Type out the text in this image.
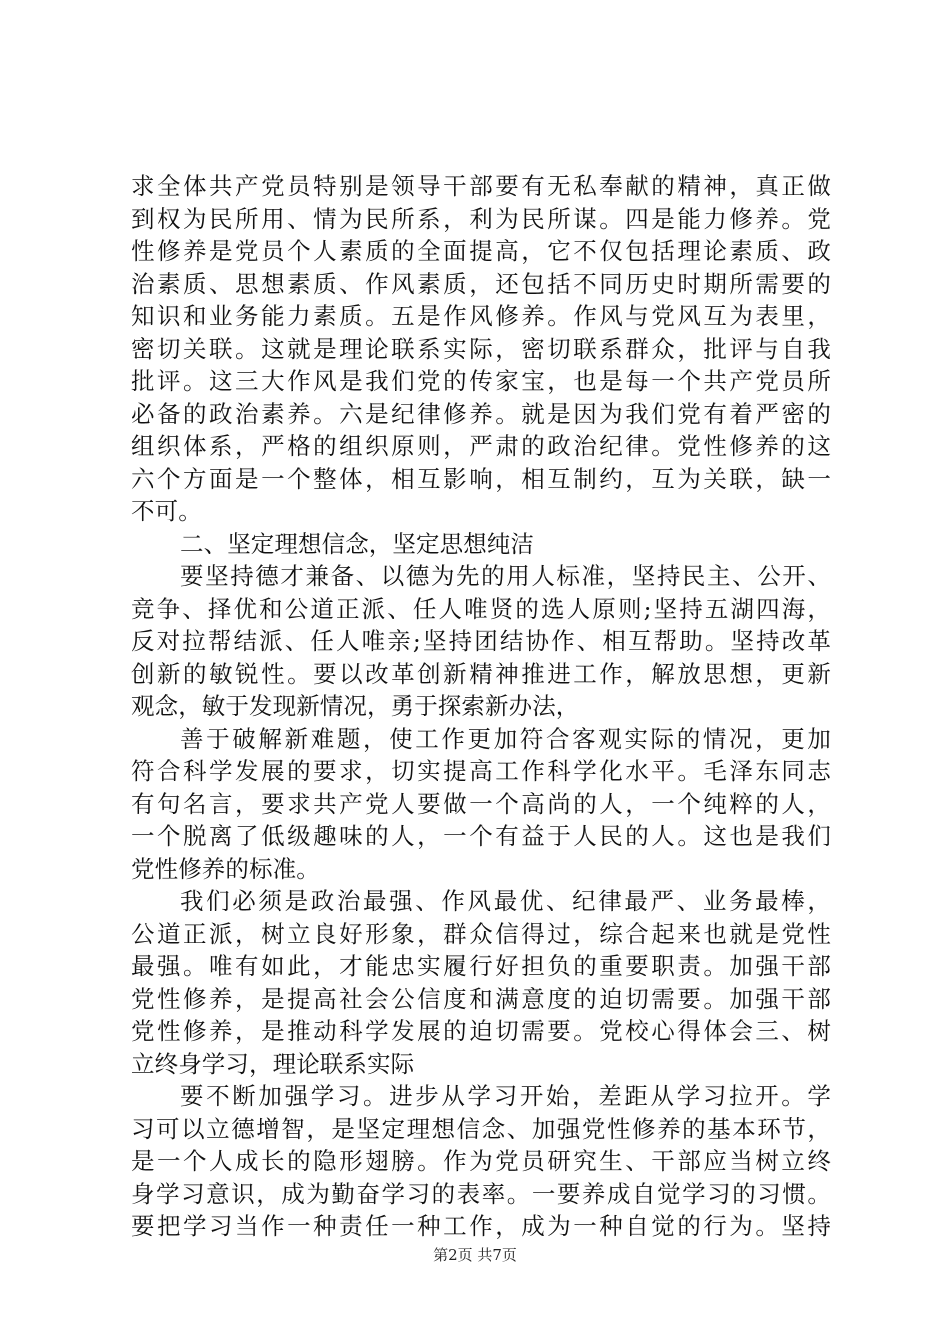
求全体共产党员特别是领导干部要有无私奉献的精神，真正做
到权为民所用、情为民所系，利为民所谋。四是能力修养。党
性修养是党员个人素质的全面提高，它不仅包括理论素质、政
治素质、思想素质、作风素质，还包括不同历史时期所需要的
知识和业务能力素质。五是作风修养。作风与党风互为表里，
密切关联。这就是理论联系实际，密切联系群众，批评与自我
批评。这三大作风是我们党的传家宝，也是每一个共产党员所
必备的政治素养。六是纪律修养。就是因为我们党有着严密的
组织体系，严格的组织原则，严肃的政治纪律。党性修养的这
六个方面是一个整体，相互影响，相互制约，互为关联，缺一
不可。
二、坚定理想信念，坚定思想纯洁
要坚持德才兼备、以德为先的用人标准，坚持民主、公开、
竞争、择优和公道正派、任人唯贤的选人原则;坚持五湖四海，
反对拉帮结派、任人唯亲;坚持团结协作、相互帮助。坚持改革
创新的敏锐性。要以改革创新精神推进工作，解放思想，更新
观念，敏于发现新情况，勇于探索新办法，
善于破解新难题，使工作更加符合客观实际的情况，更加
符合科学发展的要求，切实提高工作科学化水平。毛泽东同志
有句名言，要求共产党人要做一个高尚的人，一个纯粹的人，
一个脱离了低级趣味的人，一个有益于人民的人。这也是我们
党性修养的标准。
我们必须是政治最强、作风最优、纪律最严、业务最棒，
公道正派，树立良好形象，群众信得过，综合起来也就是党性
最强。唯有如此，才能忠实履行好担负的重要职责。加强干部
党性修养，是提高社会公信度和满意度的迫切需要。加强干部
党性修养，是推动科学发展的迫切需要。党校心得体会三、树
立终身学习，理论联系实际
要不断加强学习。进步从学习开始，差距从学习拉开。学
习可以立德增智，是坚定理想信念、加强党性修养的基本环节，
是一个人成长的隐形翅膀。作为党员研究生、干部应当树立终
身学习意识，成为勤奋学习的表率。一要养成自觉学习的习惯。
要把学习当作一种责任一种工作，成为一种自觉的行为。坚持
第2页 共7页
